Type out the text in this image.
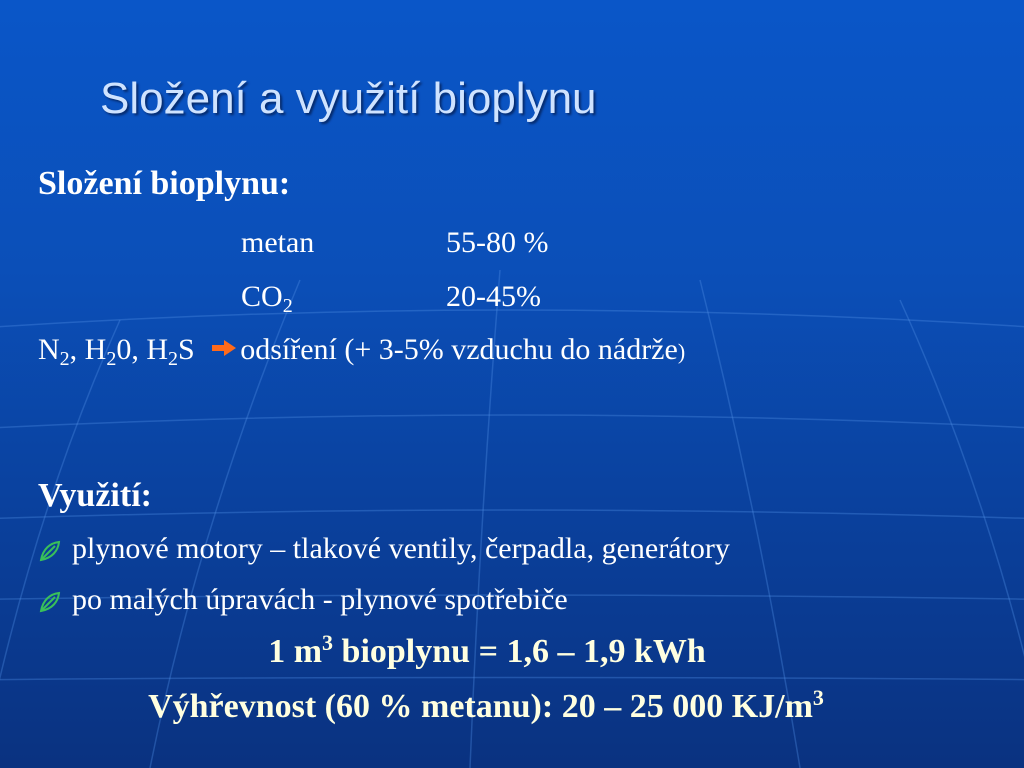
Složení a využití bioplynu
Složení bioplynu:
metan	55-80 %
$CO_2$	20-45%
$N_2$, $H_20$, $H_2S$ odsíření (+ 3-5% vzduchu do nádrže)
Využití:
plynové motory – tlakové ventily, čerpadla, generátory
po malých úpravách - plynové spotřebiče
1 $m^3$ bioplynu = 1,6 – 1,9 kWh
Výhřevnost (60 % metanu): 20 – 25 000 $KJ/m^3$
